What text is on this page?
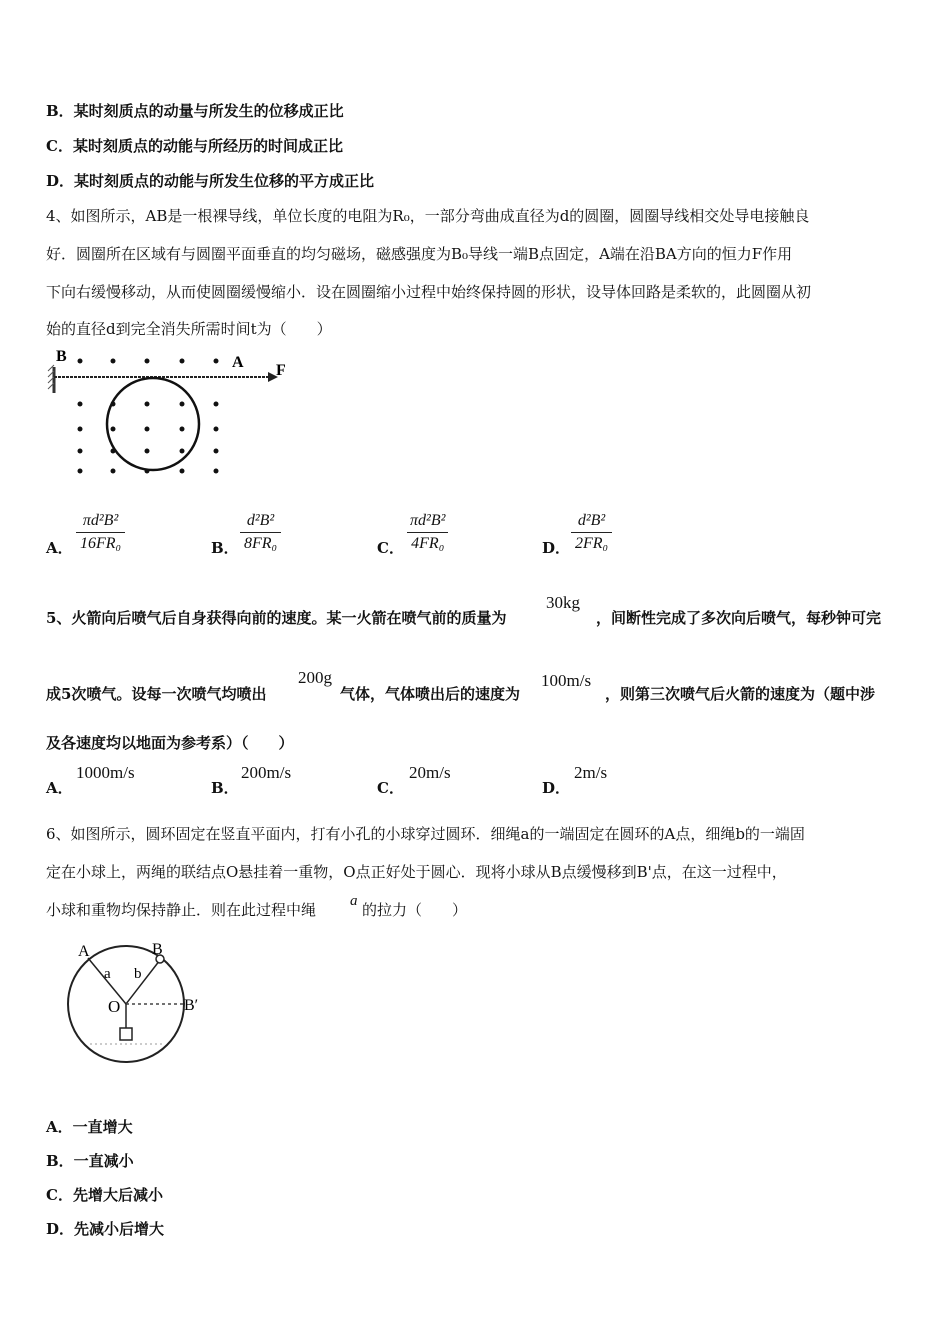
B．某时刻质点的动量与所发生的位移成正比
C．某时刻质点的动能与所经历的时间成正比
D．某时刻质点的动能与所发生位移的平方成正比
4、如图所示，AB是一根裸导线，单位长度的电阻为R₀，一部分弯曲成直径为d的圆圈，圆圈导线相交处导电接触良
好．圆圈所在区域有与圆圈平面垂直的均匀磁场，磁感强度为B₀导线一端B点固定，A端在沿BA方向的恒力F作用
下向右缓慢移动，从而使圆圈缓慢缩小．设在圆圈缩小过程中始终保持圆的形状，设导体回路是柔软的，此圆圈从初
始的直径d到完全消失所需时间t为（　　）
B	A F
A． $\frac{\text{πd²B²}}{\text{16FR₀}}$	B． $\frac{\text{d²B²}}{\text{8FR₀}}$	C． $\frac{\text{πd²B²}}{\text{4FR₀}}$	D． $\frac{\text{d²B²}}{\text{2FR₀}}$
5、火箭向后喷气后自身获得向前的速度。某一火箭在喷气前的质量为
30kg
，间断性完成了多次向后喷气，每秒钟可完
成5次喷气。设每一次喷气均喷出
200g
气体，气体喷出后的速度为
100m/s
，则第三次喷气后火箭的速度为（题中涉
及各速度均以地面为参考系）（　　）
A．
1000m/s
B．
200m/s
C．
20m/s
D．
2m/s
6、如图所示，圆环固定在竖直平面内，打有小孔的小球穿过圆环．细绳a的一端固定在圆环的A点，细绳b的一端固
定在小球上，两绳的联结点O悬挂着一重物，O点正好处于圆心．现将小球从B点缓慢移到B'点，在这一过程中，
小球和重物均保持静止．则在此过程中绳 a 的拉力（　　）
A	B
a b
O	B′
A．一直增大
B．一直减小
C．先增大后减小
D．先减小后增大
